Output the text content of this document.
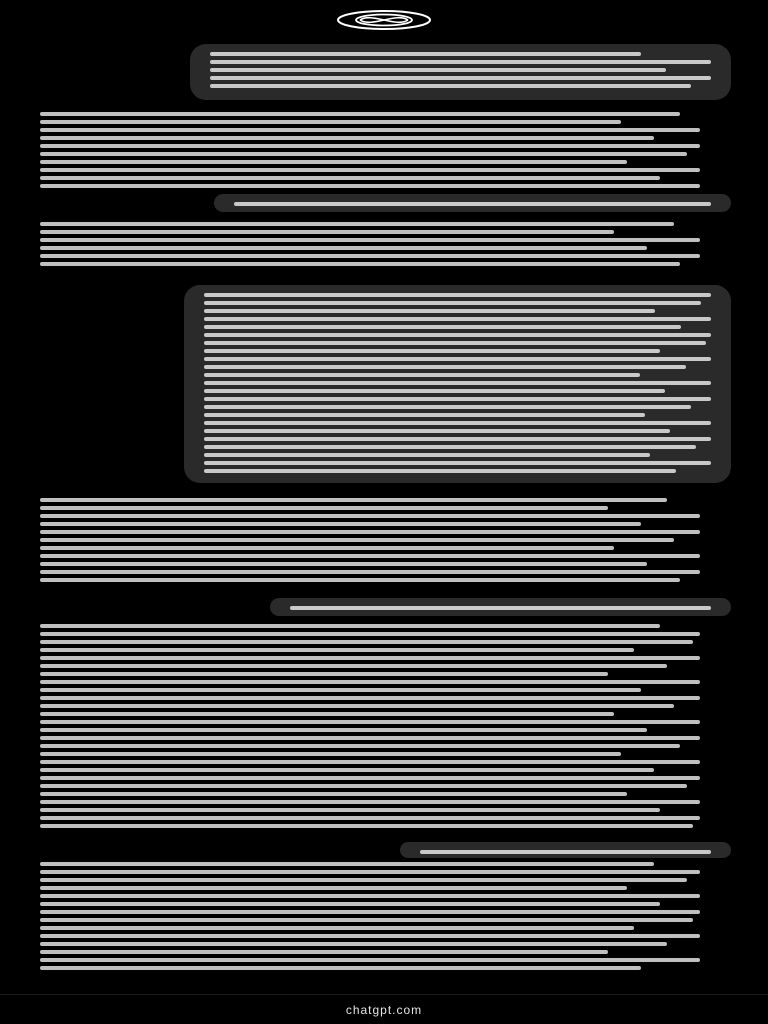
chatgpt.com
